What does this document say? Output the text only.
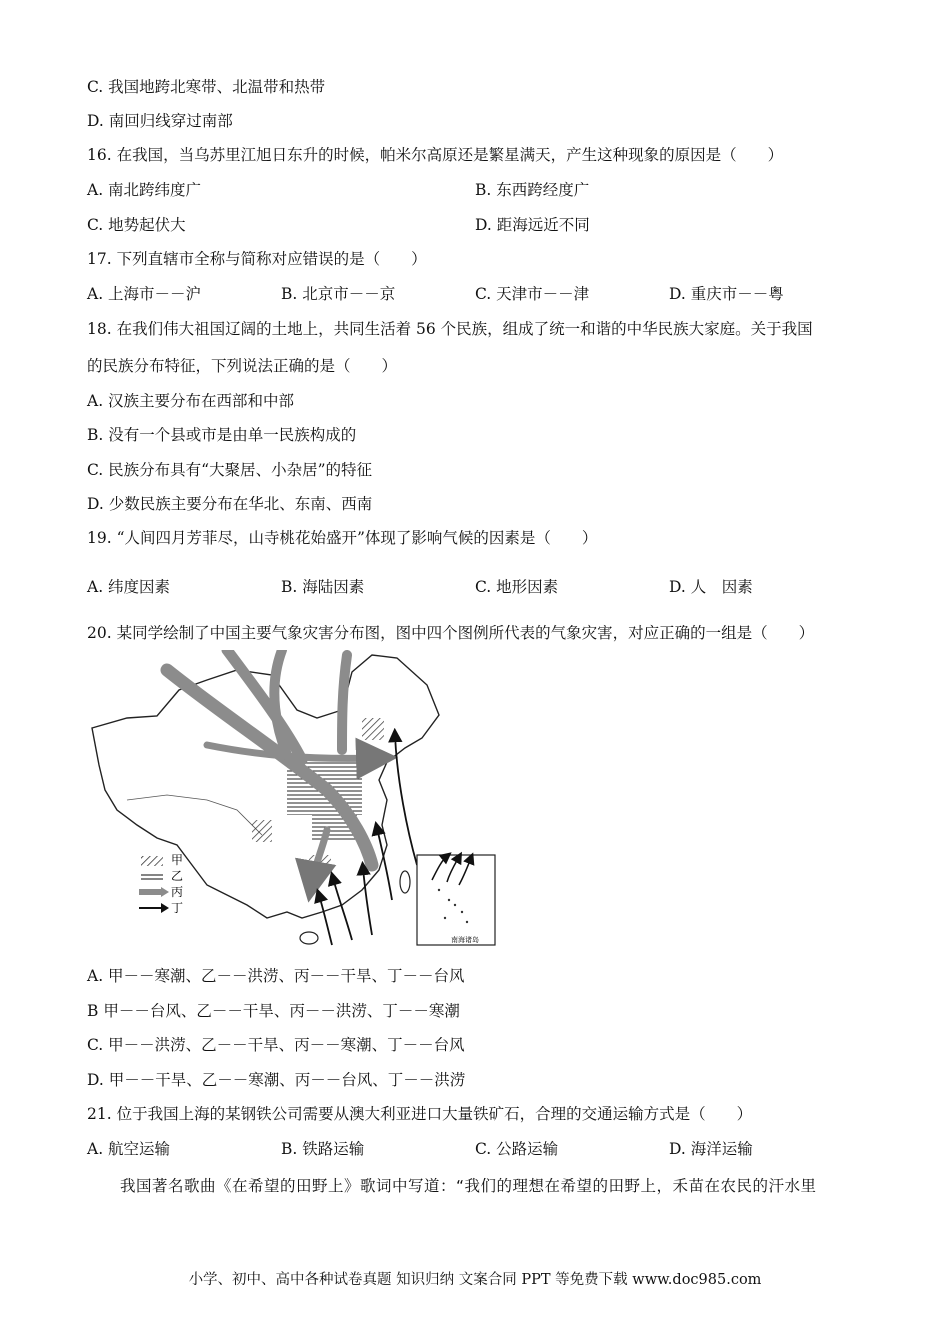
C. 我国地跨北寒带、北温带和热带
D. 南回归线穿过南部
16. 在我国，当乌苏里江旭日东升的时候，帕米尔高原还是繁星满天，产生这种现象的原因是（　　）
A. 南北跨纬度广	B. 东西跨经度广
C. 地势起伏大	D. 距海远近不同
17. 下列直辖市全称与简称对应错误的是（　　）
A. 上海市－－沪	B. 北京市－－京	C. 天津市－－津	D. 重庆市－－粤
18. 在我们伟大祖国辽阔的土地上，共同生活着 56 个民族，组成了统一和谐的中华民族大家庭。关于我国
的民族分布特征，下列说法正确的是（　　）
A. 汉族主要分布在西部和中部
B. 没有一个县或市是由单一民族构成的
C. 民族分布具有“大聚居、小杂居”的特征
D. 少数民族主要分布在华北、东南、西南
19. “人间四月芳菲尽，山寺桃花始盛开”体现了影响气候的因素是（　　）
A. 纬度因素	B. 海陆因素	C. 地形因素	D. 人　因素
20. 某同学绘制了中国主要气象灾害分布图，图中四个图例所代表的气象灾害，对应正确的一组是（　　）
甲
乙
丙
丁
南海诸岛
A. 甲－－寒潮、乙－－洪涝、丙－－干旱、丁－－台风
B 甲－－台风、乙－－干旱、丙－－洪涝、丁－－寒潮
C. 甲－－洪涝、乙－－干旱、丙－－寒潮、丁－－台风
D. 甲－－干旱、乙－－寒潮、丙－－台风、丁－－洪涝
21. 位于我国上海的某钢铁公司需要从澳大利亚进口大量铁矿石，合理的交通运输方式是（　　）
A. 航空运输	B. 铁路运输	C. 公路运输	D. 海洋运输
我国著名歌曲《在希望的田野上》歌词中写道：“我们的理想在希望的田野上，禾苗在农民的汗水里
小学、初中、高中各种试卷真题 知识归纳 文案合同 PPT 等免费下载 www.doc985.com
